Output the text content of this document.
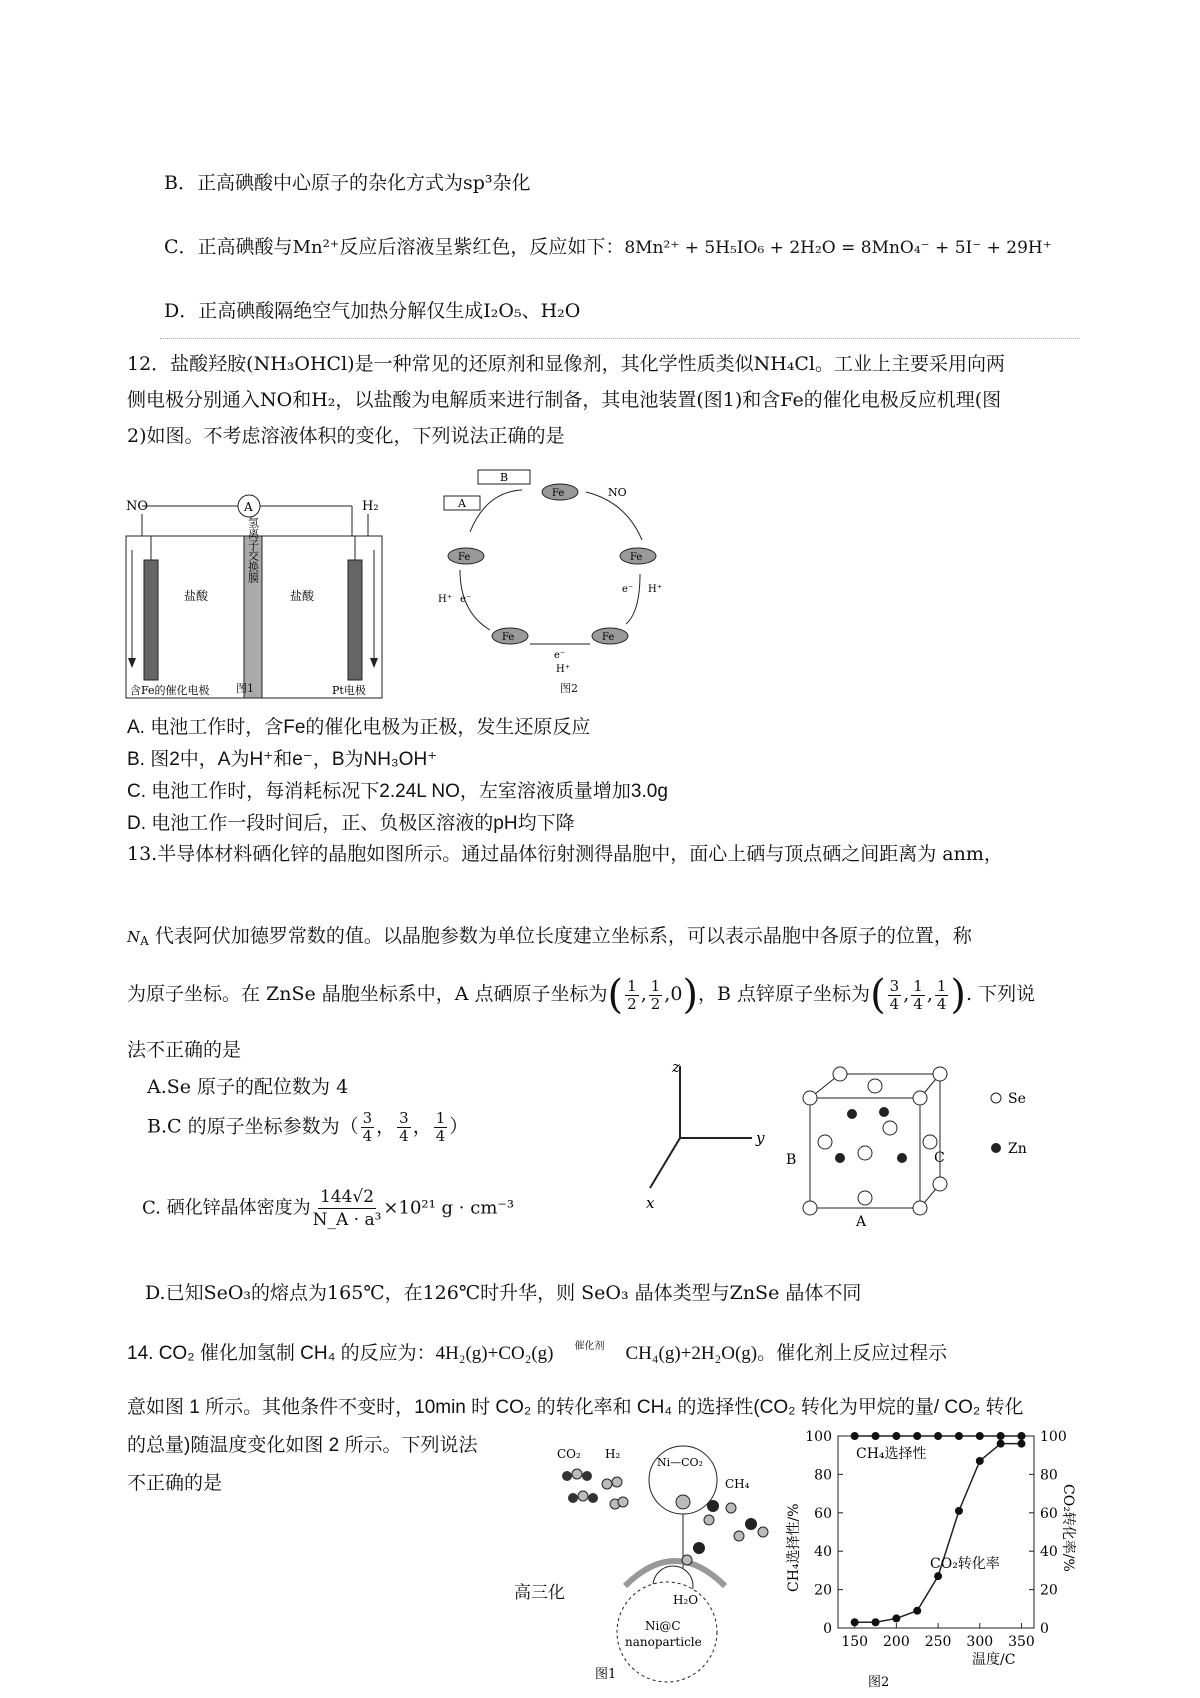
B．正高碘酸中心原子的杂化方式为sp³杂化
C．正高碘酸与Mn²⁺反应后溶液呈紫红色，反应如下：8Mn²⁺ + 5H₅IO₆ + 2H₂O = 8MnO₄⁻ + 5I⁻ + 29H⁺
D．正高碘酸隔绝空气加热分解仅生成I₂O₅、H₂O
12．盐酸羟胺(NH₃OHCl)是一种常见的还原剂和显像剂，其化学性质类似NH₄Cl。工业上主要采用向两
侧电极分别通入NO和H₂，以盐酸为电解质来进行制备，其电池装置(图1)和含Fe的催化电极反应机理(图
2)如图。不考虑溶液体积的变化，下列说法正确的是
NO	H₂
A
氢离子交换膜
盐酸	盐酸
含Fe的催化电极	Pt电极
图1
B
A
Fe
Fe
Fe
Fe
Fe
NO
H⁺
e⁻
e⁻
H⁺
H⁺ e⁻
图2
A. 电池工作时，含Fe的催化电极为正极，发生还原反应
B. 图2中，A为H⁺和e⁻，B为NH₃OH⁺
C. 电池工作时，每消耗标况下2.24L NO，左室溶液质量增加3.0g
D. 电池工作一段时间后，正、负极区溶液的pH均下降
13.半导体材料硒化锌的晶胞如图所示。通过晶体衍射测得晶胞中，面心上硒与顶点硒之间距离为 anm，
$N_A$ 代表阿伏加德罗常数的值。以晶胞参数为单位长度建立坐标系，可以表示晶胞中各原子的位置，称
为原子坐标。在 ZnSe 晶胞坐标系中，A 点硒原子坐标为( $\frac{1}{2}$ , $\frac{1}{2} ,0$)，B 点锌原子坐标为( $\frac{3}{4}$ , $\frac{1}{4}$ , $\frac{1}{4}$ ). 下列说
法不正确的是
A.Se 原子的配位数为 4
B.C 的原子坐标参数为（ $\frac{3}{4}$ ， $\frac{3}{4}$ ， $\frac{1}{4}$ ）
C. 硒化锌晶体密度为 $\frac{144√2}{\text{N\_A · a³}} \times 10^{21}$ g · cm⁻³
D.已知SeO₃的熔点为165℃，在126℃时升华，则 SeO₃ 晶体类型与ZnSe 晶体不同
z
y
x
B	C
A
Se
Zn
14. CO₂ 催化加氢制 CH₄ 的反应为：4H₂(g)+CO₂(g) 催化剂 CH₄(g)+2H₂O(g)。催化剂上反应过程示
意如图 1 所示。其他条件不变时，10min 时 CO₂ 的转化率和 CH₄ 的选择性(CO₂ 转化为甲烷的量/ CO₂ 转化
的总量)随温度变化如图 2 所示。下列说法
不正确的是
高三化
CO₂ H₂
Ni—CO₂
Ni@C
nanoparticle
CH₄
H₂O
图1
0
20
40
60
80
100
0
20
40
60
80
100
150 200 250 300 350
CH₄选择性
CO₂转化率
CH₄选择性/%	CO₂转化率/%
温度/C
图2
